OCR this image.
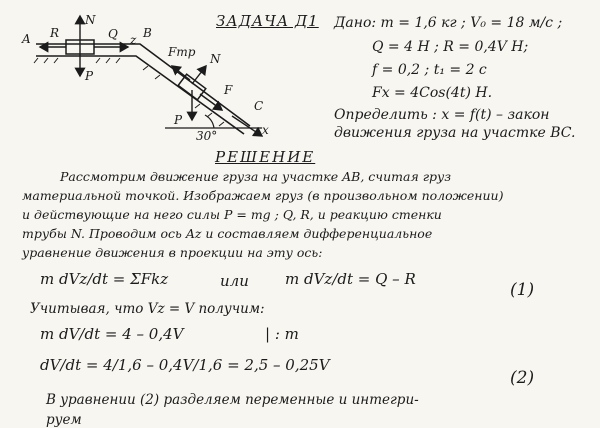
A R
N
P
Q z B
Fтр N
F
C
P
x
30°
ЗАДАЧА Д1 Дано: m = 1,6 кг ; V₀ = 18 м/с ;
Q = 4 Н ; R = 0,4V Н;
f = 0,2 ; t₁ = 2 с
Fx = 4Cos(4t) Н.
Определить : x = f(t) – закон
движения груза на участке BC.
РЕШЕНИЕ
Рассмотрим движение груза на участке AB, считая груз
материальной точкой. Изображаем груз (в произвольном положении)
и действующие на него силы P = mg ; Q, R, и реакцию стенки
трубы N. Проводим ось Az и составляем дифференциальное
уравнение движения в проекции на эту ось:
m dVz/dt = ΣFkz	или m dVz/dt = Q – R
(1)
Учитывая, что Vz = V получим:
m dV/dt = 4 – 0,4V	| : m
dV/dt = 4/1,6 – 0,4V/1,6 = 2,5 – 0,25V
(2)
В уравнении (2) разделяем переменные и интегри-
руем
